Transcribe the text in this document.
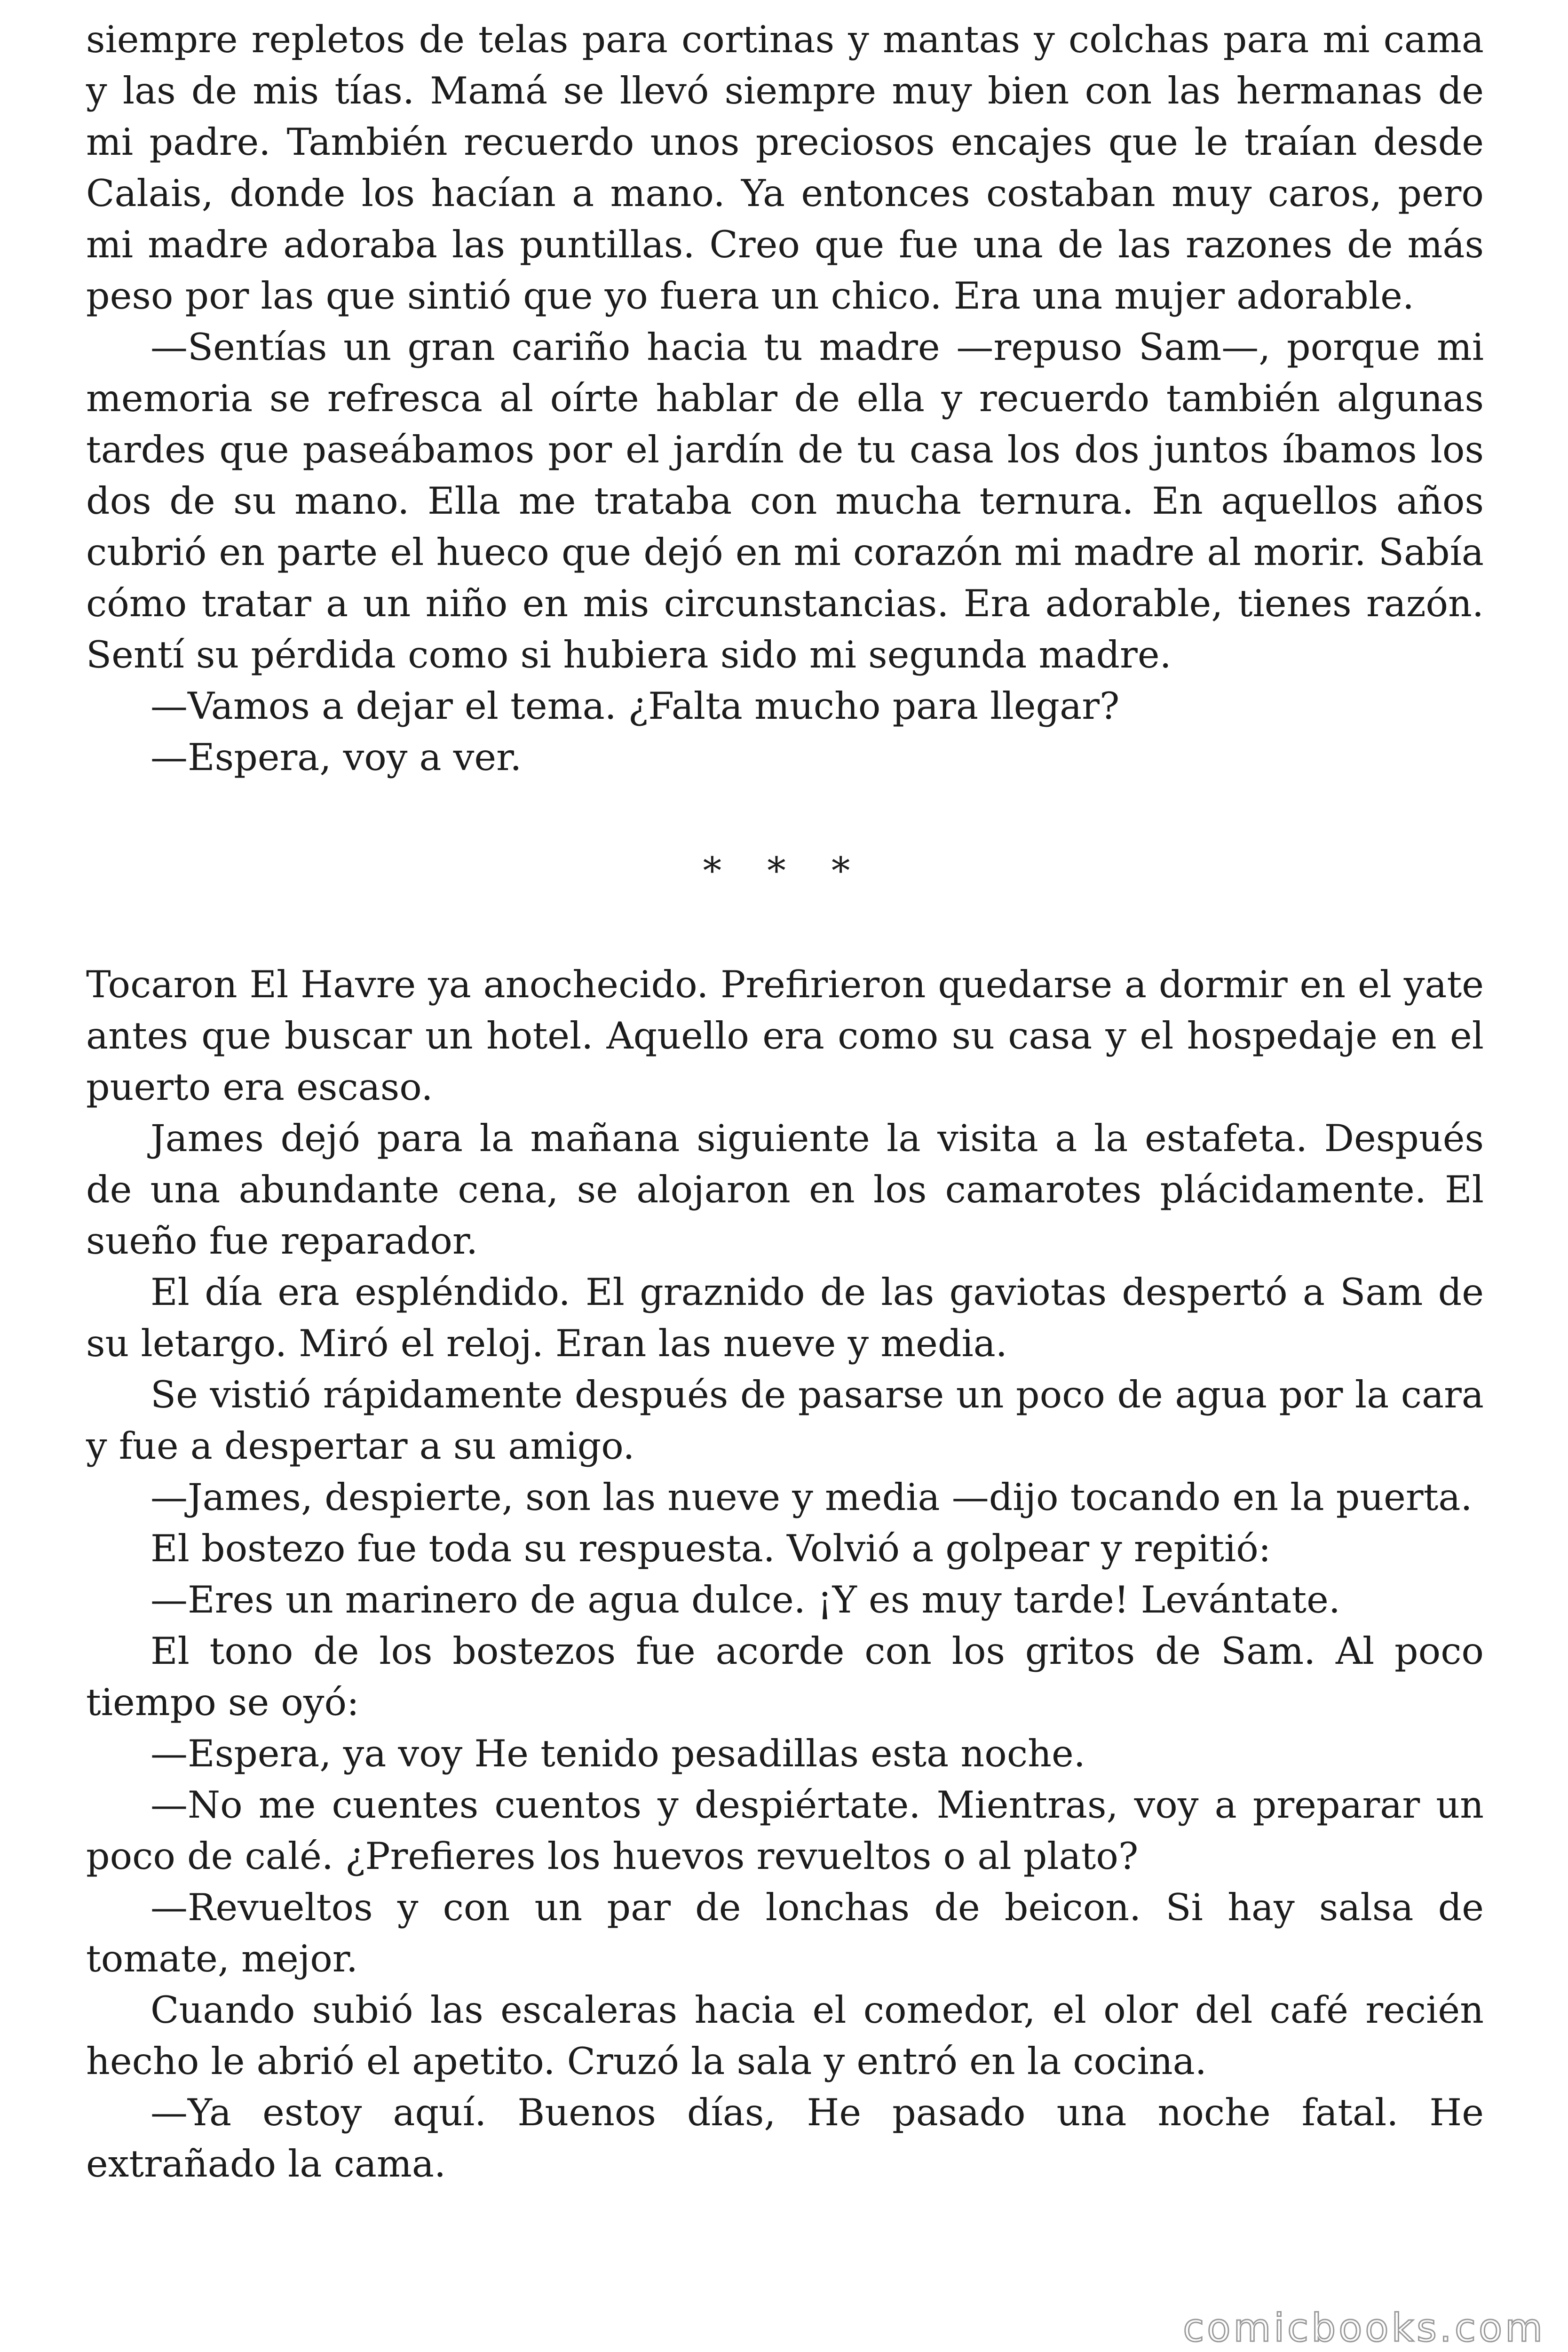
siempre repletos de telas para cortinas y mantas y colchas para mi cama y las de mis tías. Mamá se llevó siempre muy bien con las hermanas de mi padre. También recuerdo unos preciosos encajes que le traían desde Calais, donde los hacían a mano. Ya entonces costaban muy caros, pero mi madre adoraba las puntillas. Creo que fue una de las razones de más peso por las que sintió que yo fuera un chico. Era una mujer adorable.

—Sentías un gran cariño hacia tu madre —repuso Sam—, porque mi memoria se refresca al oírte hablar de ella y recuerdo también algunas tardes que paseábamos por el jardín de tu casa los dos juntos íbamos los dos de su mano. Ella me trataba con mucha ternura. En aquellos años cubrió en parte el hueco que dejó en mi corazón mi madre al morir. Sabía cómo tratar a un niño en mis circunstancias. Era adorable, tienes razón. Sentí su pérdida como si hubiera sido mi segunda madre.

—Vamos a dejar el tema. ¿Falta mucho para llegar?

—Espera, voy a ver.

* * *

Tocaron El Havre ya anochecido. Prefirieron quedarse a dormir en el yate antes que buscar un hotel. Aquello era como su casa y el hospedaje en el puerto era escaso.

James dejó para la mañana siguiente la visita a la estafeta. Después de una abundante cena, se alojaron en los camarotes plácidamente. El sueño fue reparador.

El día era espléndido. El graznido de las gaviotas despertó a Sam de su letargo. Miró el reloj. Eran las nueve y media.

Se vistió rápidamente después de pasarse un poco de agua por la cara y fue a despertar a su amigo.

—James, despierte, son las nueve y media —dijo tocando en la puerta.

El bostezo fue toda su respuesta. Volvió a golpear y repitió:

—Eres un marinero de agua dulce. ¡Y es muy tarde! Levántate.

El tono de los bostezos fue acorde con los gritos de Sam. Al poco tiempo se oyó:

—Espera, ya voy He tenido pesadillas esta noche.

—No me cuentes cuentos y despiértate. Mientras, voy a preparar un poco de calé. ¿Prefieres los huevos revueltos o al plato?

—Revueltos y con un par de lonchas de beicon. Si hay salsa de tomate, mejor.

Cuando subió las escaleras hacia el comedor, el olor del café recién hecho le abrió el apetito. Cruzó la sala y entró en la cocina.

—Ya estoy aquí. Buenos días, He pasado una noche fatal. He extrañado la cama.

comicbooks.com
